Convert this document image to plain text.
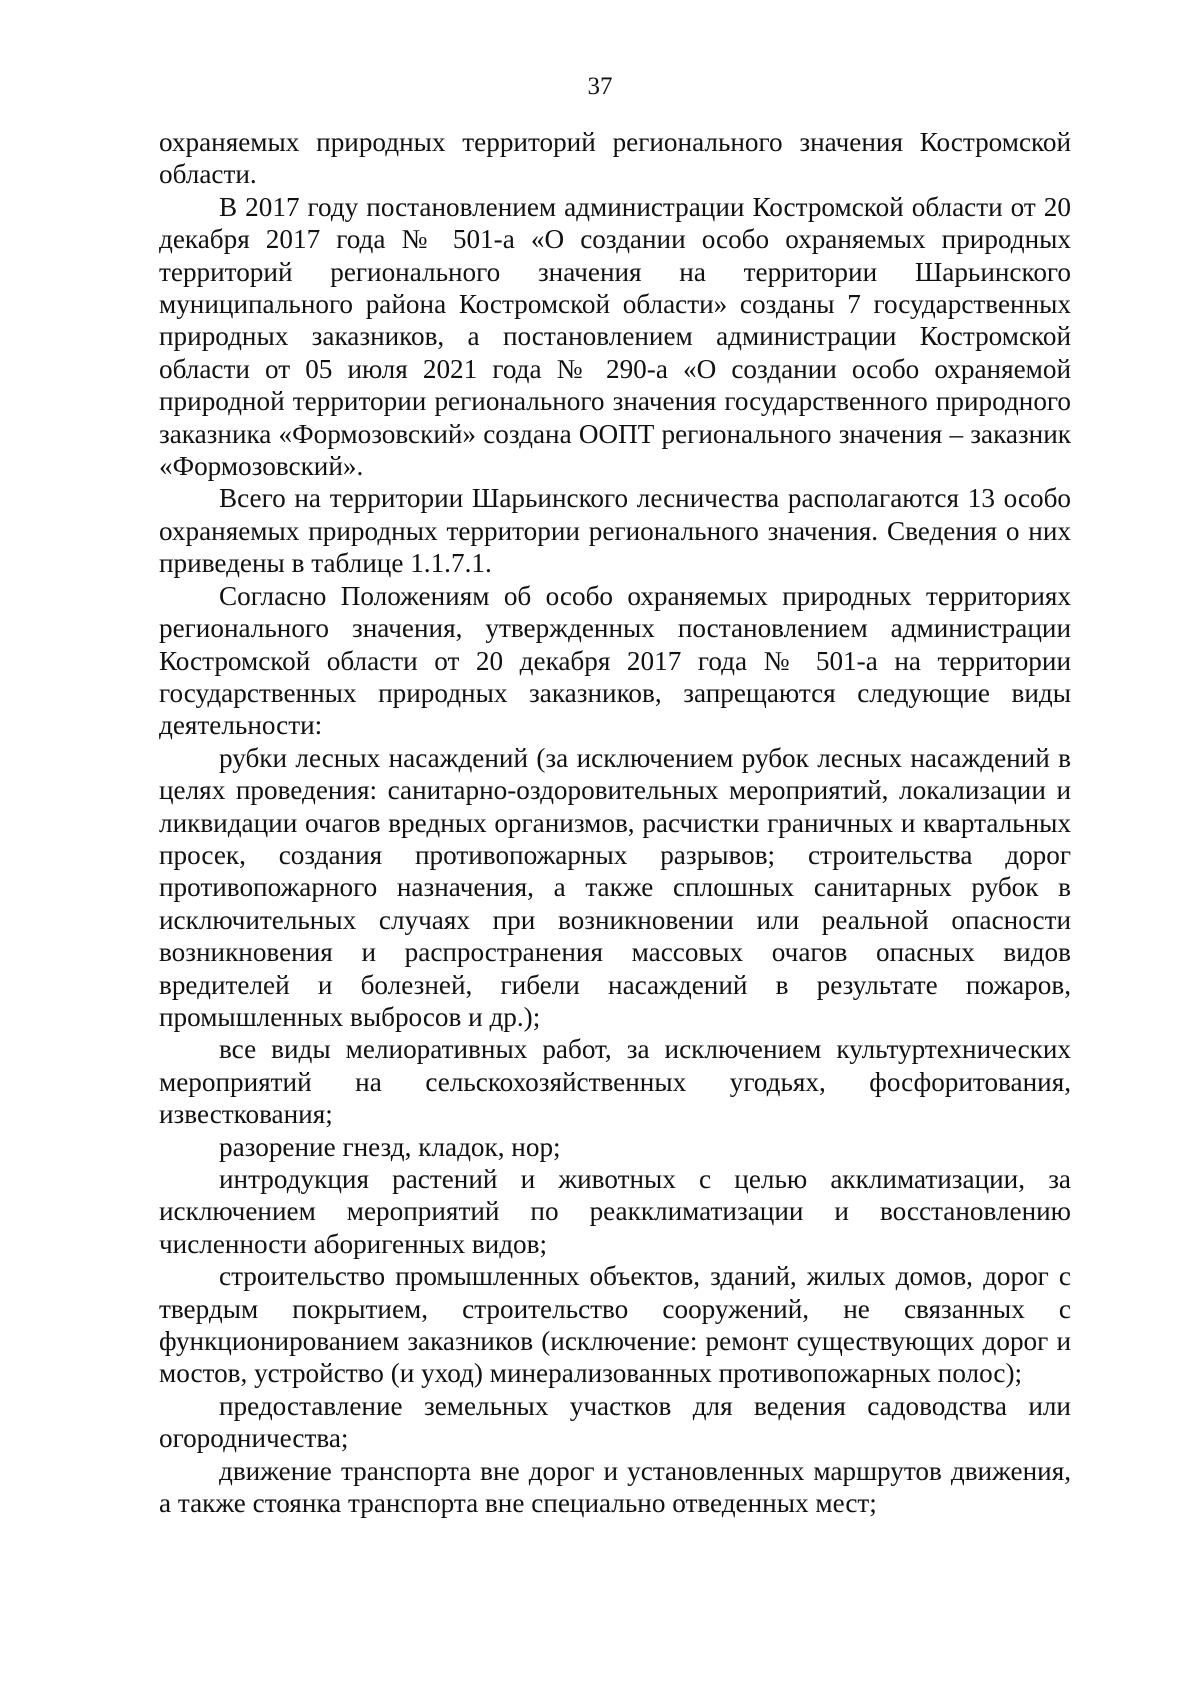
37

охраняемых природных территорий регионального значения Костромской области.

В 2017 году постановлением администрации Костромской области от 20 декабря 2017 года № 501-а «О создании особо охраняемых природных территорий регионального значения на территории Шарьинского муниципального района Костромской области» созданы 7 государственных природных заказников, а постановлением администрации Костромской области от 05 июля 2021 года № 290-а «О создании особо охраняемой природной территории регионального значения государственного природного заказника «Формозовский» создана ООПТ регионального значения – заказник «Формозовский».

Всего на территории Шарьинского лесничества располагаются 13 особо охраняемых природных территории регионального значения. Сведения о них приведены в таблице 1.1.7.1.

Согласно Положениям об особо охраняемых природных территориях регионального значения, утвержденных постановлением администрации Костромской области от 20 декабря 2017 года № 501-а на территории государственных природных заказников, запрещаются следующие виды деятельности:

рубки лесных насаждений (за исключением рубок лесных насаждений в целях проведения: санитарно-оздоровительных мероприятий, локализации и ликвидации очагов вредных организмов, расчистки граничных и квартальных просек, создания противопожарных разрывов; строительства дорог противопожарного назначения, а также сплошных санитарных рубок в исключительных случаях при возникновении или реальной опасности возникновения и распространения массовых очагов опасных видов вредителей и болезней, гибели насаждений в результате пожаров, промышленных выбросов и др.);

все виды мелиоративных работ, за исключением культуртехнических мероприятий на сельскохозяйственных угодьях, фосфоритования, известкования;

разорение гнезд, кладок, нор;

интродукция растений и животных с целью акклиматизации, за исключением мероприятий по реакклиматизации и восстановлению численности аборигенных видов;

строительство промышленных объектов, зданий, жилых домов, дорог с твердым покрытием, строительство сооружений, не связанных с функционированием заказников (исключение: ремонт существующих дорог и мостов, устройство (и уход) минерализованных противопожарных полос);

предоставление земельных участков для ведения садоводства или огородничества;

движение транспорта вне дорог и установленных маршрутов движения, а также стоянка транспорта вне специально отведенных мест;
